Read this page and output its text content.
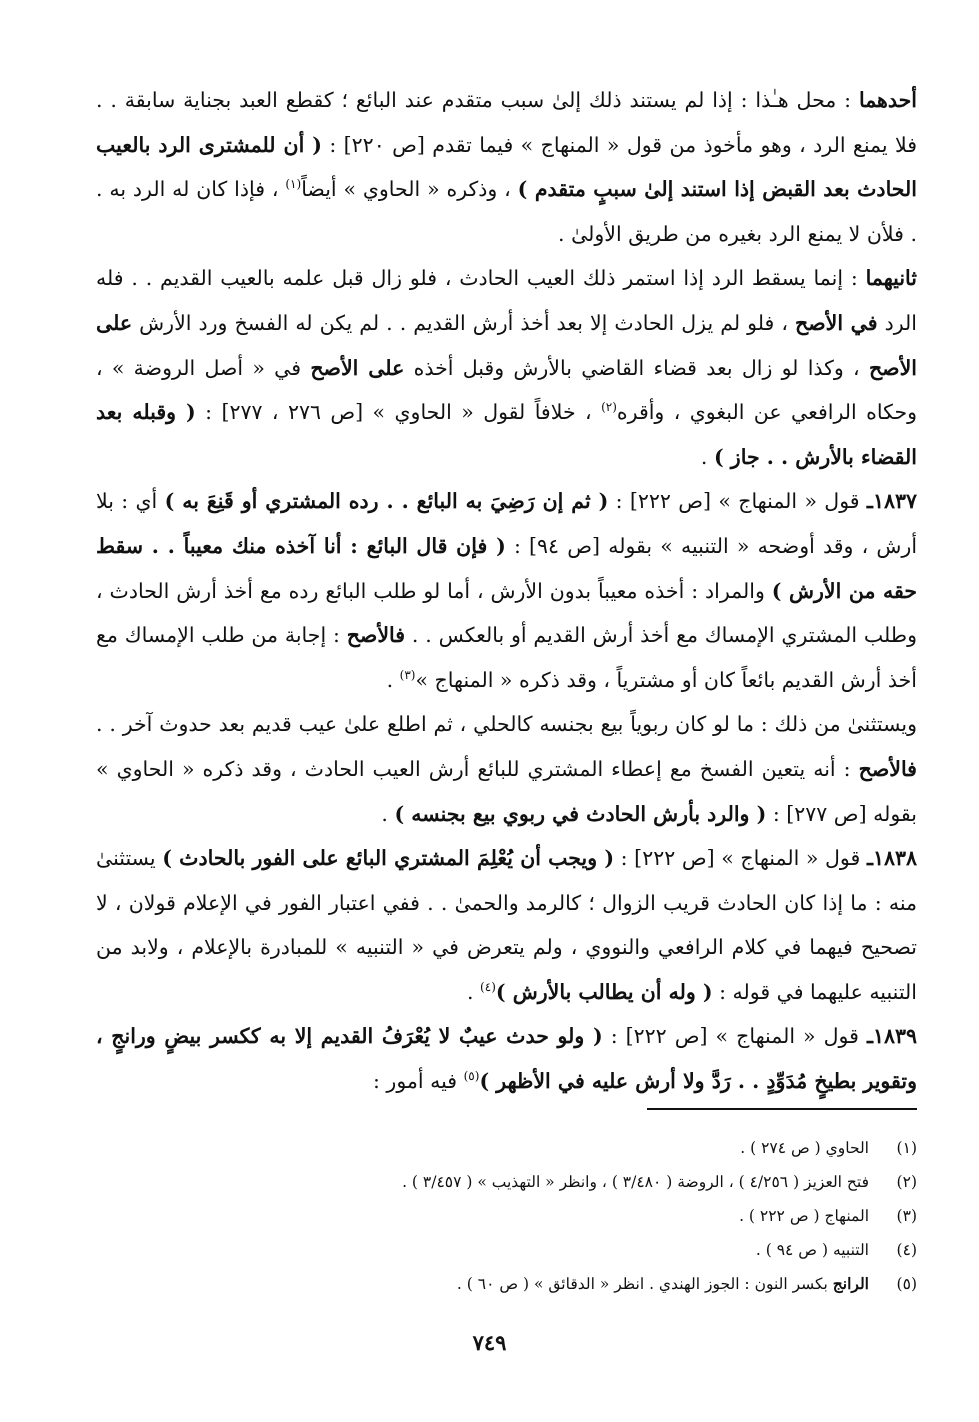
أحدهما : محل هـٰذا : إذا لم يستند ذلك إلىٰ سبب متقدم عند البائع ؛ كقطع العبد بجناية سابقة . . فلا يمنع الرد ، وهو مأخوذ من قول « المنهاج » فيما تقدم [ص ٢٢٠] : ( أن للمشترى الرد بالعيب الحادث بعد القبض إذا استند إلىٰ سببٍ متقدم ) ، وذكره « الحاوي » أيضاً$^{(١)}$ ، فإذا كان له الرد به . . فلأن لا يمنع الرد بغيره من طريق الأولىٰ .

ثانيهما : إنما يسقط الرد إذا استمر ذلك العيب الحادث ، فلو زال قبل علمه بالعيب القديم . . فله الرد في الأصح ، فلو لم يزل الحادث إلا بعد أخذ أرش القديم . . لم يكن له الفسخ ورد الأرش على الأصح ، وكذا لو زال بعد قضاء القاضي بالأرش وقبل أخذه على الأصح في « أصل الروضة » ، وحكاه الرافعي عن البغوي ، وأقره$^{(٢)}$ ، خلافاً لقول « الحاوي » [ص ٢٧٦ ، ٢٧٧] : ( وقبله بعد القضاء بالأرش . . جاز ) .

١٨٣٧ـ قول « المنهاج » [ص ٢٢٢] : ( ثم إن رَضِيَ به البائع . . رده المشتري أو قَنِعَ به ) أي : بلا أرش ، وقد أوضحه « التنبيه » بقوله [ص ٩٤] : ( فإن قال البائع : أنا آخذه منك معيباً . . سقط حقه من الأرش ) والمراد : أخذه معيباً بدون الأرش ، أما لو طلب البائع رده مع أخذ أرش الحادث ، وطلب المشتري الإمساك مع أخذ أرش القديم أو بالعكس . . فالأصح : إجابة من طلب الإمساك مع أخذ أرش القديم بائعاً كان أو مشترياً ، وقد ذكره « المنهاج »$^{(٣)}$ .

ويستثنىٰ من ذلك : ما لو كان ربوياً بيع بجنسه كالحلي ، ثم اطلع علىٰ عيب قديم بعد حدوث آخر . . فالأصح : أنه يتعين الفسخ مع إعطاء المشتري للبائع أرش العيب الحادث ، وقد ذكره « الحاوي » بقوله [ص ٢٧٧] : ( والرد بأرش الحادث في ربوي بيع بجنسه ) .

١٨٣٨ـ قول « المنهاج » [ص ٢٢٢] : ( ويجب أن يُعْلِمَ المشتري البائع على الفور بالحادث ) يستثنىٰ منه : ما إذا كان الحادث قريب الزوال ؛ كالرمد والحمىٰ . . ففي اعتبار الفور في الإعلام قولان ، لا تصحيح فيهما في كلام الرافعي والنووي ، ولم يتعرض في « التنبيه » للمبادرة بالإعلام ، ولابد من التنبيه عليهما في قوله : ( وله أن يطالب بالأرش )$^{(٤)}$ .

١٨٣٩ـ قول « المنهاج » [ص ٢٢٢] : ( ولو حدث عيبٌ لا يُعْرَفُ القديم إلا به ككسر بيضٍ ورانجٍ ، وتقوير بطيخٍ مُدَوِّدٍ . . رَدَّ ولا أرش عليه في الأظهر )$^{(٥)}$ فيه أمور :

(١)
الحاوي ( ص ٢٧٤ ) .
(٢)
فتح العزيز ( ٤/٢٥٦ ) ، الروضة ( ٣/٤٨٠ ) ، وانظر « التهذيب » ( ٣/٤٥٧ ) .
(٣)
المنهاج ( ص ٢٢٢ ) .
(٤)
التنبيه ( ص ٩٤ ) .
(٥)
الرانج بكسر النون : الجوز الهندي . انظر « الدقائق » ( ص ٦٠ ) .
٧٤٩
